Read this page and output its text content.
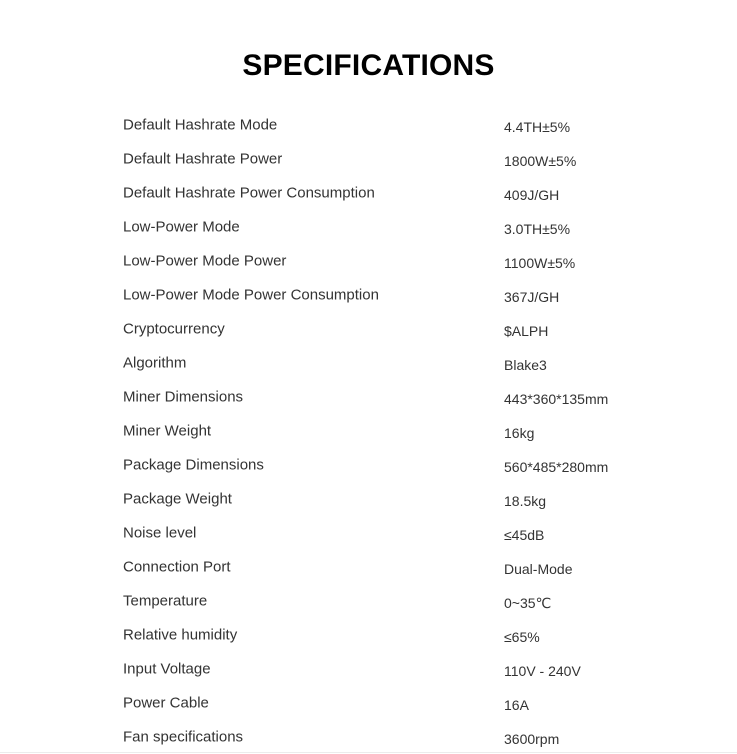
SPECIFICATIONS
Default Hashrate Mode	4.4TH±5%
Default Hashrate Power	1800W±5%
Default Hashrate Power Consumption	409J/GH
Low-Power Mode	3.0TH±5%
Low-Power Mode Power	1100W±5%
Low-Power Mode Power Consumption	367J/GH
Cryptocurrency	$ALPH
Algorithm	Blake3
Miner Dimensions	443*360*135mm
Miner Weight	16kg
Package Dimensions	560*485*280mm
Package Weight	18.5kg
Noise level	≤45dB
Connection Port	Dual-Mode
Temperature	0~35℃
Relative humidity	≤65%
Input Voltage	110V - 240V
Power Cable	16A
Fan specifications	3600rpm
